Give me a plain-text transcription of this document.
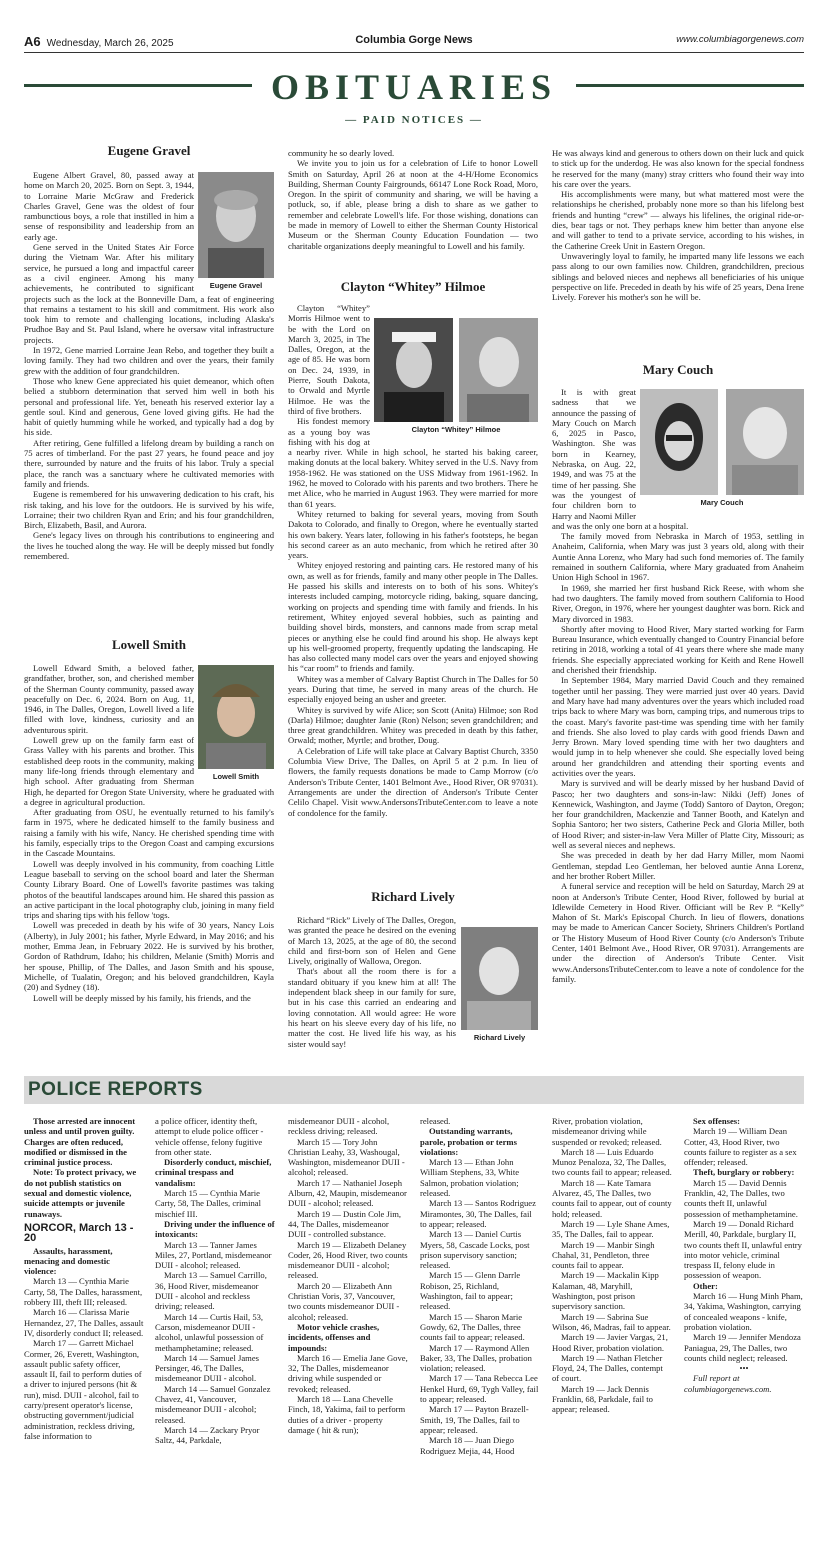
A6 Wednesday, March 26, 2025	Columbia Gorge News	www.columbiagorgenews.com
OBITUARIES
— PAID NOTICES —
Eugene Gravel
Eugene Gravel

Eugene Albert Gravel, 80, passed away at home on March 20, 2025. Born on Sept. 3, 1944, to Lorraine Marie McGraw and Frederick Charles Gravel, Gene was the oldest of four rambunctious boys, a role that instilled in him a sense of responsibility and leadership from an early age.

Gene served in the United States Air Force during the Vietnam War. After his military service, he pursued a long and impactful career as a civil engineer. Among his many achievements, he contributed to significant projects such as the lock at the Bonneville Dam, a feat of engineering that remains a testament to his skill and commitment. His work also took him to remote and challenging locations, including Alaska's Prudhoe Bay and St. Paul Island, where he oversaw vital infrastructure projects.

In 1972, Gene married Lorraine Jean Rebo, and together they built a loving family. They had two children and over the years, their family grew with the addition of four grandchildren.

Those who knew Gene appreciated his quiet demeanor, which often belied a stubborn determination that served him well in both his personal and professional life. Yet, beneath his reserved exterior lay a gentle soul. Kind and generous, Gene loved giving gifts. He had the habit of quietly humming while he worked, and typically had a dog by his side.

After retiring, Gene fulfilled a lifelong dream by building a ranch on 75 acres of timberland. For the past 27 years, he found peace and joy there, surrounded by nature and the fruits of his labor. Truly a special place, the ranch was a sanctuary where he cultivated memories with family and friends.

Eugene is remembered for his unwavering dedication to his craft, his risk taking, and his love for the outdoors. He is survived by his wife, Lorraine; their two children Ryan and Erin; and his four grandchildren, Birch, Elizabeth, Basil, and Aurora.

Gene's legacy lives on through his contributions to engineering and the lives he touched along the way. He will be deeply missed but fondly remembered.

Lowell Smith
Lowell Smith

Lowell Edward Smith, a beloved father, grandfather, brother, son, and cherished member of the Sherman County community, passed away peacefully on Dec. 6, 2024. Born on Aug. 11, 1946, in The Dalles, Oregon, Lowell lived a life filled with love, kindness, curiosity and an adventurous spirit.

Lowell grew up on the family farm east of Grass Valley with his parents and brother. This established deep roots in the community, making many life-long friends through elementary and high school. After graduating from Sherman High, he departed for Oregon State University, where he graduated with a degree in agricultural production.

After graduating from OSU, he eventually returned to his family's farm in 1975, where he dedicated himself to the family business and raising a family with his wife, Nancy. He cherished spending time with his family, especially trips to the Oregon Coast and camping excursions in the Cascade Mountains.

Lowell was deeply involved in his community, from coaching Little League baseball to serving on the school board and later the Sherman County Library Board. One of Lowell's favorite pastimes was taking photos of the beautiful landscapes around him. He shared this passion as an active participant in the local photography club, joining in many field trips and sharing tips with his fellow 'togs.

Lowell was preceded in death by his wife of 30 years, Nancy Lois (Alberty), in July 2001; his father, Myrle Edward, in May 2016; and his mother, Emma Jean, in February 2022. He is survived by his brother, Gordon of Rathdrum, Idaho; his children, Melanie (Smith) Morris and her spouse, Phillip, of The Dalles, and Jason Smith and his spouse, Michelle, of Tualatin, Oregon; and his beloved grandchildren, Kayla (20) and Sydney (18).

Lowell will be deeply missed by his family, his friends, and the

community he so dearly loved.

We invite you to join us for a celebration of Life to honor Lowell Smith on Saturday, April 26 at noon at the 4-H/Home Economics Building, Sherman County Fairgrounds, 66147 Lone Rock Road, Moro, Oregon. In the spirit of community and sharing, we will be having a potluck, so, if able, please bring a dish to share as we gather to remember and celebrate Lowell's life. For those wishing, donations can be made in memory of Lowell to either the Sherman County Historical Museum or the Sherman County Education Foundation — two charitable organizations deeply meaningful to Lowell and his family.

Clayton “Whitey” Hilmoe
Clayton “Whitey” Hilmoe

Clayton “Whitey” Morris Hilmoe went to be with the Lord on March 3, 2025, in The Dalles, Oregon, at the age of 85. He was born on Dec. 24, 1939, in Pierre, South Dakota, to Orwald and Myrtle Hilmoe. He was the third of five brothers.

His fondest memory as a young boy was fishing with his dog at a nearby river. While in high school, he started his baking career, making donuts at the local bakery. Whitey served in the U.S. Navy from 1958-1962. He was stationed on the USS Midway from 1961-1962. In 1962, he moved to Colorado with his parents and two brothers. There he met Alice, who he married in August 1963. They were married for more than 61 years.

Whitey returned to baking for several years, moving from South Dakota to Colorado, and finally to Oregon, where he eventually started his own bakery. Years later, following in his father's footsteps, he began his second career as an auto mechanic, from which he retired after 30 years.

Whitey enjoyed restoring and painting cars. He restored many of his own, as well as for friends, family and many other people in The Dalles. He passed his skills and interests on to both of his sons. Whitey's interests included camping, motorcycle riding, baking, square dancing, working on projects and spending time with family and friends. In his retirement, Whitey enjoyed several hobbies, such as painting and building shovel birds, monsters, and cannons made from scrap metal pieces or anything else he could find around his shop. He always kept up his well-groomed property, frequently updating the landscaping. He has also collected many model cars over the years and enjoyed showing his “car room” to friends and family.

Whitey was a member of Calvary Baptist Church in The Dalles for 50 years. During that time, he served in many areas of the church. He especially enjoyed being an usher and greeter.

Whitey is survived by wife Alice; son Scott (Anita) Hilmoe; son Rod (Darla) Hilmoe; daughter Janie (Ron) Nelson; seven grandchildren; and three great grandchildren. Whitey was preceded in death by this father, Orwald; mother, Myrtle; and brother, Doug.

A Celebration of Life will take place at Calvary Baptist Church, 3350 Columbia View Drive, The Dalles, on April 5 at 2 p.m. In lieu of flowers, the family requests donations be made to Camp Morrow (c/o Anderson's Tribute Center, 1401 Belmont Ave., Hood River, OR 97031). Arrangements are under the direction of Anderson's Tribute Center Celilo Chapel. Visit www.AndersonsTributeCenter.com to leave a note of condolence for the family.

Richard Lively
Richard Lively

Richard “Rick” Lively of The Dalles, Oregon, was granted the peace he desired on the evening of March 13, 2025, at the age of 80, the second child and first-born son of Helen and Gene Lively, originally of Wallowa, Oregon.

That's about all the room there is for a standard obituary if you knew him at all! The independent black sheep in our family for sure, but in his case this carried an endearing and loving connotation. All would agree: He wore his heart on his sleeve every day of his life, no matter the cost. He lived life his way, as his sister would say!

He was always kind and generous to others down on their luck and quick to stick up for the underdog. He was also known for the special fondness he reserved for the many (many) stray critters who found their way into his care over the years.

His accomplishments were many, but what mattered most were the relationships he cherished, probably none more so than his lifelong best friends and hunting “crew” — always his lifelines, the original ride-or-dies, bear tags or not. They perhaps knew him better than anyone else and will gather to tend to a private service, according to his wishes, in the Catherine Creek Unit in Eastern Oregon.

Unwaveringly loyal to family, he imparted many life lessons we each pass along to our own families now. Children, grandchildren, precious siblings and beloved nieces and nephews all beneficiaries of his unique perspective on life. Preceded in death by his wife of 25 years, Dena Irene Lively. Forever his mother's son he will be.

Mary Couch
Mary Couch

It is with great sadness that we announce the passing of Mary Couch on March 6, 2025 in Pasco, Washington. She was born in Kearney, Nebraska, on Aug. 22, 1949, and was 75 at the time of her passing. She was the youngest of four children born to Harry and Naomi Miller and was the only one born at a hospital.

The family moved from Nebraska in March of 1953, settling in Anaheim, California, when Mary was just 3 years old, along with their Auntie Anna Lorenz, who Mary had such fond memories of. The family remained in southern California, where Mary graduated from Anaheim Union High School in 1967.

In 1969, she married her first husband Rick Reese, with whom she had two daughters. The family moved from southern California to Hood River, Oregon, in 1976, where her youngest daughter was born. Rick and Mary divorced in 1983.

Shortly after moving to Hood River, Mary started working for Farm Bureau Insurance, which eventually changed to Country Financial before retiring in 2018, working a total of 41 years there where she made many friends. She especially appreciated working for Keith and Rene Howell and cherished their friendship.

In September 1984, Mary married David Couch and they remained together until her passing. They were married just over 40 years. David and Mary have had many adventures over the years which included road trips back to where Mary was born, camping trips, and numerous trips to the coast. Mary's favorite past-time was spending time with her family and friends. She also loved to play cards with good friends Dawn and Jerry Brown. Mary loved spending time with her two daughters and would jump in to help whenever she could. She especially loved being around her grandchildren and attending their sporting events and activities over the years.

Mary is survived and will be dearly missed by her husband David of Pasco; her two daughters and sons-in-law: Nikki (Jeff) Jones of Kennewick, Washington, and Jayme (Todd) Santoro of Dayton, Oregon; her four grandchildren, Mackenzie and Tanner Booth, and Katelyn and Sophia Santoro; her two sisters, Catherine Peck and Gloria Miller, both of Hood River; and sister-in-law Vera Miller of Platte City, Missouri; as well as several nieces and nephews.

She was preceded in death by her dad Harry Miller, mom Naomi Gentleman, stepdad Leo Gentleman, her beloved auntie Anna Lorenz, and her brother Robert Miller.

A funeral service and reception will be held on Saturday, March 29 at noon at Anderson's Tribute Center, Hood River, followed by burial at Idlewilde Cemetery in Hood River. Officiant will be Rev P. “Kelly” Mahon of St. Mark's Episcopal Church. In lieu of flowers, donations may be made to American Cancer Society, Shriners Children's Portland or The History Museum of Hood River County (c/o Anderson's Tribute Center, 1401 Belmont Ave., Hood River, OR 97031). Arrangements are under the direction of Anderson's Tribute Center. Visit www.AndersonsTributeCenter.com to leave a note of condolence for the family.

POLICE REPORTS

Those arrested are innocent unless and until proven guilty. Charges are often reduced, modified or dismissed in the criminal justice process.

Note: To protect privacy, we do not publish statistics on sexual and domestic violence, suicide attempts or juvenile runaways.

NORCOR, March 13 - 20

Assaults, harassment, menacing and domestic violence:

March 13 — Cynthia Marie Carty, 58, The Dalles, harassment, robbery III, theft III; released.

March 16 — Clarissa Marie Hernandez, 27, The Dalles, assault IV, disorderly conduct II; released.

March 17 — Garrett Michael Cormer, 26, Everett, Washington, assault public safety officer, assault II, fail to perform duties of a driver to injured persons (hit & run), misd. DUII - alcohol, fail to carry/present operator's license, obstructing government/judicial administration, reckless driving, false information to

a police officer, identity theft, attempt to elude police officer - vehicle offense, felony fugitive from other state.

Disorderly conduct, mischief, criminal trespass and vandalism:

March 15 — Cynthia Marie Carty, 58, The Dalles, criminal mischief III.

Driving under the influence of intoxicants:

March 13 — Tanner James Miles, 27, Portland, misdemeanor DUII - alcohol; released.

March 13 — Samuel Carrillo, 36, Hood River, misdemeanor DUII - alcohol and reckless driving; released.

March 14 — Curtis Hail, 53, Carson, misdemeanor DUII - alcohol, unlawful possession of methamphetamine; released.

March 14 — Samuel James Persinger, 46, The Dalles, misdemeanor DUII - alcohol.

March 14 — Samuel Gonzalez Chavez, 41, Vancouver, misdemeanor DUII - alcohol; released.

March 14 — Zackary Pryor Saltz, 44, Parkdale,

misdemeanor DUII - alcohol, reckless driving; released.

March 15 — Tory John Christian Leahy, 33, Washougal, Washington, misdemeanor DUII - alcohol; released.

March 17 — Nathaniel Joseph Alburn, 42, Maupin, misdemeanor DUII - alcohol; released.

March 19 — Dustin Cole Jim, 44, The Dalles, misdemeanor DUII - controlled substance.

March 19 — Elizabeth Delaney Coder, 26, Hood River, two counts misdemeanor DUII - alcohol; released.

March 20 — Elizabeth Ann Christian Voris, 37, Vancouver, two counts misdemeanor DUII - alcohol; released.

Motor vehicle crashes, incidents, offenses and impounds:

March 16 — Emelia Jane Gove, 32, The Dalles, misdemeanor driving while suspended or revoked; released.

March 18 — Lana Chevelle Finch, 18, Yakima, fail to perform duties of a driver - property damage ( hit & run);

released.

Outstanding warrants, parole, probation or terms violations:

March 13 — Ethan John William Stephens, 33, White Salmon, probation violation; released.

March 13 — Santos Rodriguez Miramontes, 30, The Dalles, fail to appear; released.

March 13 — Daniel Curtis Myers, 58, Cascade Locks, post prison supervisory sanction; released.

March 15 — Glenn Darrle Robison, 25, Richland, Washington, fail to appear; released.

March 15 — Sharon Marie Gowdy, 62, The Dalles, three counts fail to appear; released.

March 17 — Raymond Allen Baker, 33, The Dalles, probation violation; released.

March 17 — Tana Rebecca Lee Henkel Hurd, 69, Tygh Valley, fail to appear; released.

March 17 — Payton Brazell-Smith, 19, The Dalles, fail to appear; released.

March 18 — Juan Diego Rodriguez Mejia, 44, Hood

River, probation violation, misdemeanor driving while suspended or revoked; released.

March 18 — Luis Eduardo Munoz Penaloza, 32, The Dalles, two counts fail to appear; released.

March 18 — Kate Tamara Alvarez, 45, The Dalles, two counts fail to appear, out of county hold; released.

March 19 — Lyle Shane Ames, 35, The Dalles, fail to appear.

March 19 — Manbir Singh Chahal, 31, Pendleton, three counts fail to appear.

March 19 — Mackalin Kipp Kalaman, 48, Maryhill, Washington, post prison supervisory sanction.

March 19 — Sabrina Sue Wilson, 46, Madras, fail to appear.

March 19 — Javier Vargas, 21, Hood River, probation violation.

March 19 — Nathan Fletcher Floyd, 24, The Dalles, contempt of court.

March 19 — Jack Dennis Franklin, 68, Parkdale, fail to appear; released.

Sex offenses:

March 19 — William Dean Cotter, 43, Hood River, two counts failure to register as a sex offender; released.

Theft, burglary or robbery:

March 15 — David Dennis Franklin, 42, The Dalles, two counts theft II, unlawful possession of methamphetamine.

March 19 — Donald Richard Merill, 40, Parkdale, burglary II, two counts theft II, unlawful entry into motor vehicle, criminal trespass II, felony elude in possession of weapon.

Other:

March 16 — Hung Minh Pham, 34, Yakima, Washington, carrying of concealed weapons - knife, probation violation.

March 19 — Jennifer Mendoza Paniagua, 29, The Dalles, two counts child neglect; released.

•••

Full report at columbiagorgenews.com.
